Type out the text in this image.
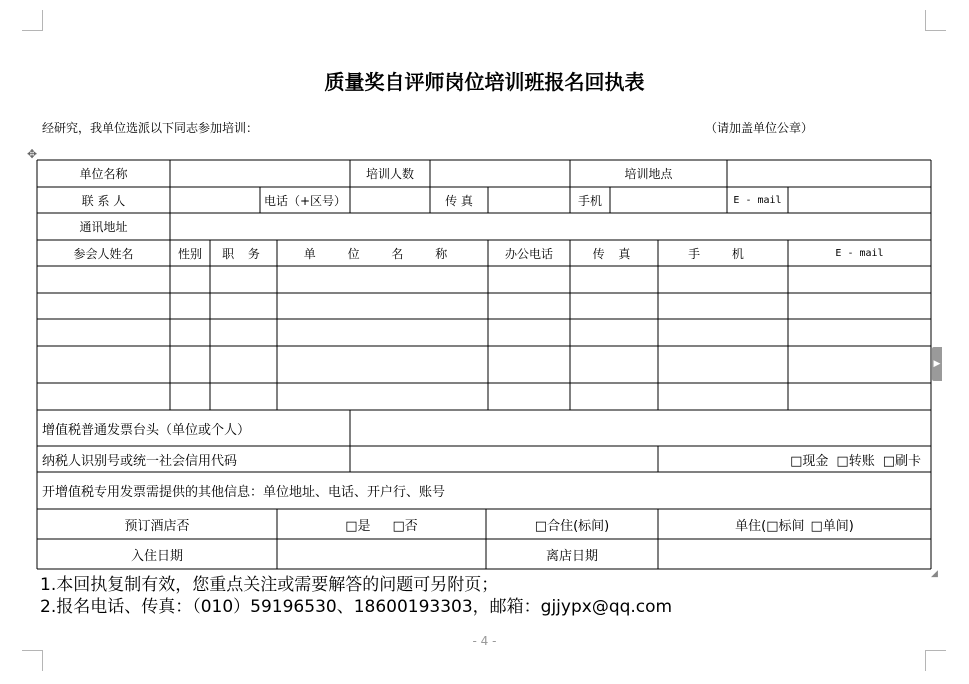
质量奖自评师岗位培训班报名回执表
经研究，我单位选派以下同志参加培训：	（请加盖单位公章）
✥
单位名称	培训人数	培训地点
联 系 人	电话（+区号）	传 真	手机	E - mail
通讯地址
参会人姓名	性别	职 务	单 位 名 称	办公电话	传 真	手 机	E - mail
增值税普通发票台头（单位或个人）
纳税人识别号或统一社会信用代码	□现金 □转账 □刷卡
开增值税专用发票需提供的其他信息：单位地址、电话、开户行、账号
预订酒店否	□是 □否	□合住(标间)	单住( □标间 □单间)
入住日期	离店日期
▶
◢
1.本回执复制有效，您重点关注或需要解答的问题可另附页；
2.报名电话、传真：（010）59196530、18600193303，邮箱：gjjypx@qq.com
- 4 -
